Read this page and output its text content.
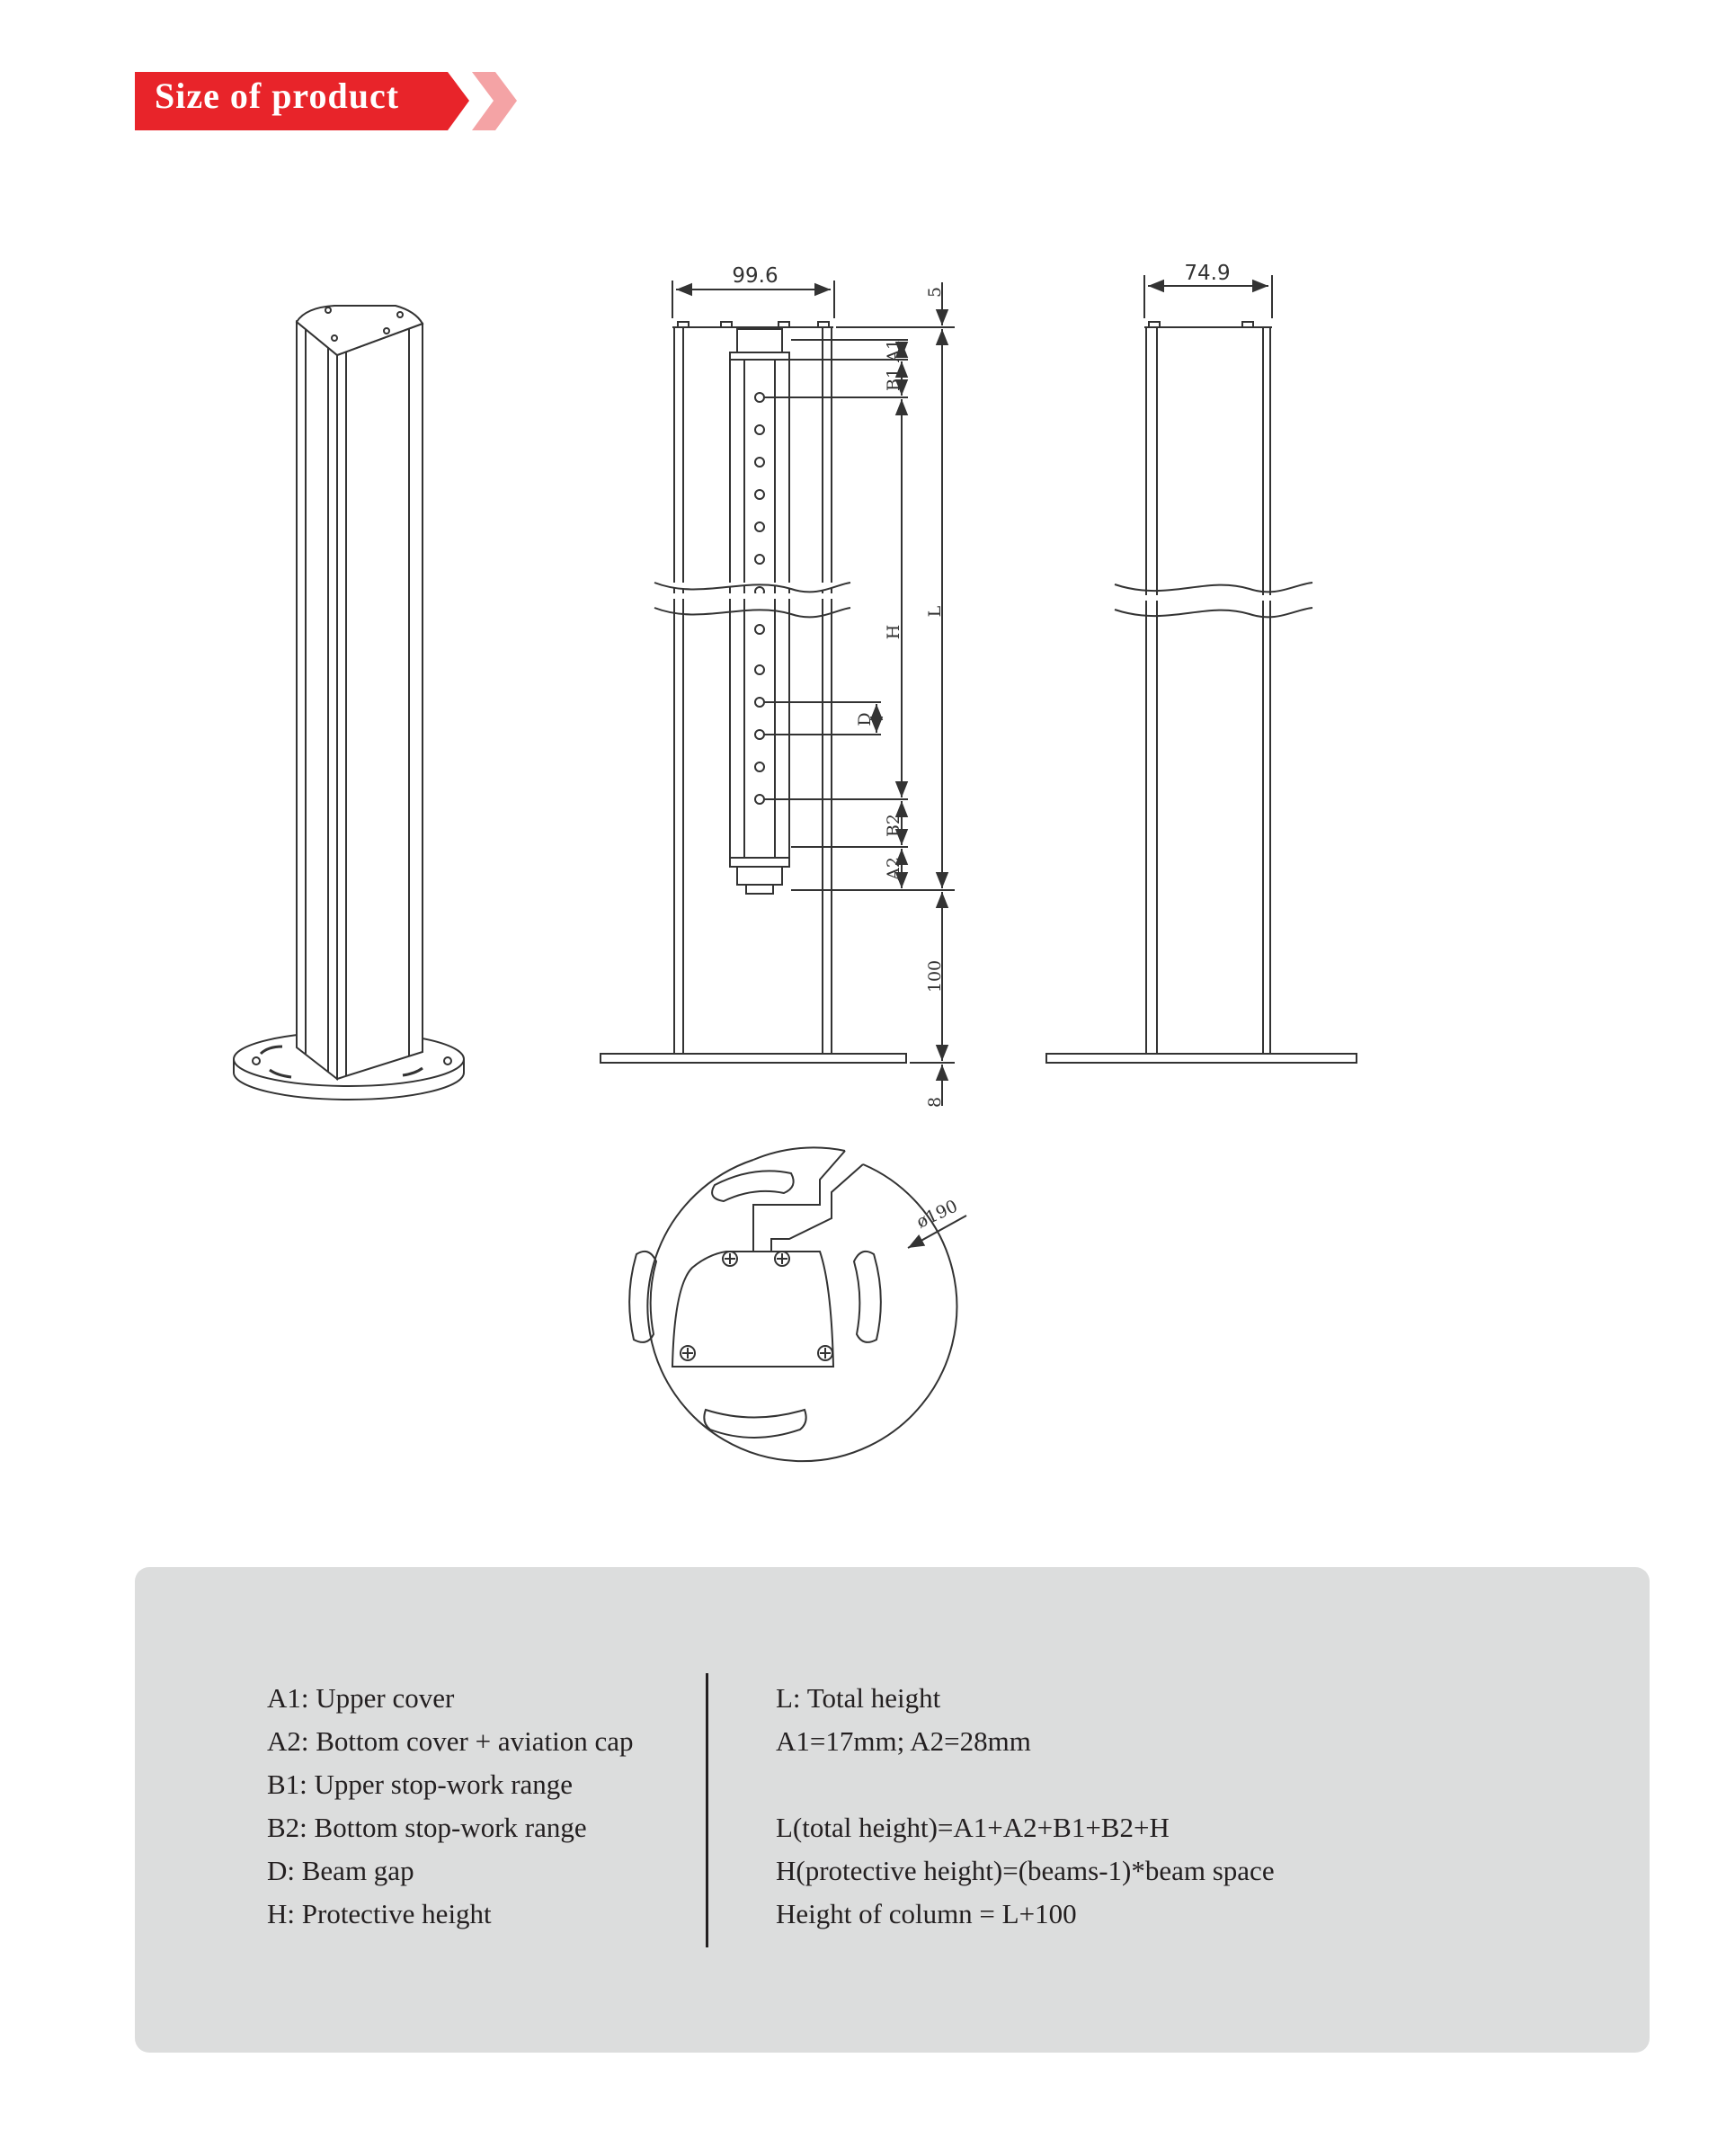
Size of product
99.6
5
A1
B1
H
L
D
B2
A2
100
8
74.9
ø190
A1: Upper cover
A2: Bottom cover + aviation cap
B1: Upper stop-work range
B2: Bottom stop-work range
D: Beam gap
H: Protective height
L: Total height
A1=17mm; A2=28mm
L(total height)=A1+A2+B1+B2+H
H(protective height)=(beams-1)*beam space
Height of column = L+100
